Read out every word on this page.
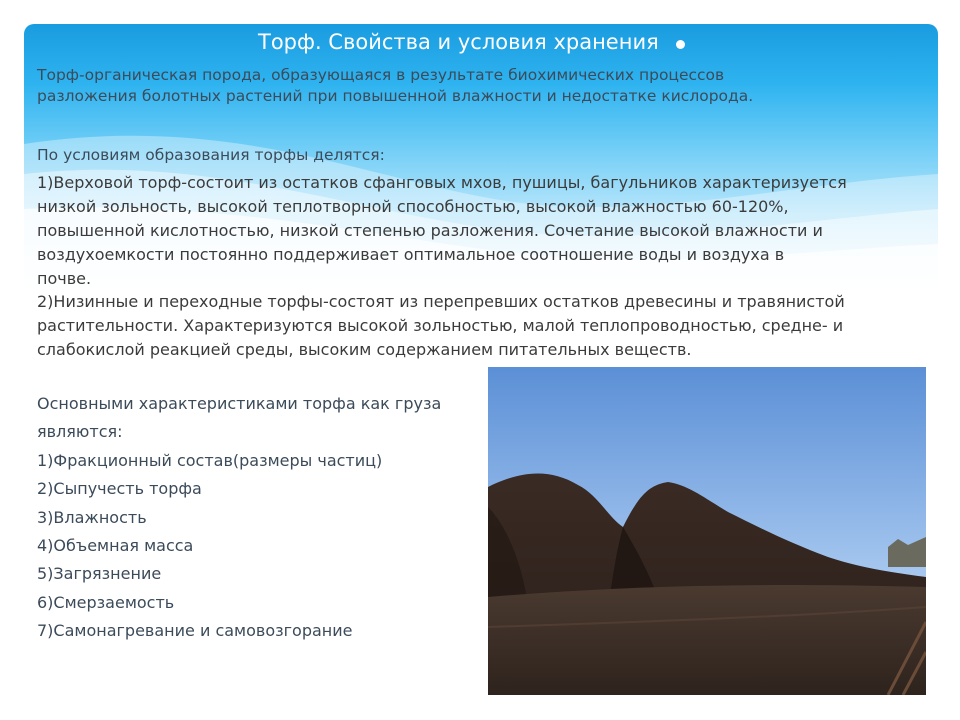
Торф. Свойства и условия хранения
Торф-органическая порода, образующаяся в результате биохимических процессов
разложения болотных растений при повышенной влажности и недостатке кислорода.
По условиям образования торфы делятся:
1)Верховой торф-состоит из остатков сфанговых мхов, пушицы, багульников характеризуется
низкой зольность, высокой теплотворной способностью, высокой влажностью 60-120%,
повышенной кислотностью, низкой степенью разложения. Сочетание высокой влажности и
воздухоемкости постоянно поддерживает оптимальное соотношение воды и воздуха в
почве.
2)Низинные и переходные торфы-состоят из перепревших остатков древесины и травянистой
растительности. Характеризуются высокой зольностью, малой теплопроводностью, средне- и
слабокислой реакцией среды, высоким содержанием питательных веществ.
Основными характеристиками торфа как груза
являются:
1)Фракционный состав(размеры частиц)
2)Сыпучесть торфа
3)Влажность
4)Объемная масса
5)Загрязнение
6)Смерзаемость
7)Самонагревание и самовозгорание
